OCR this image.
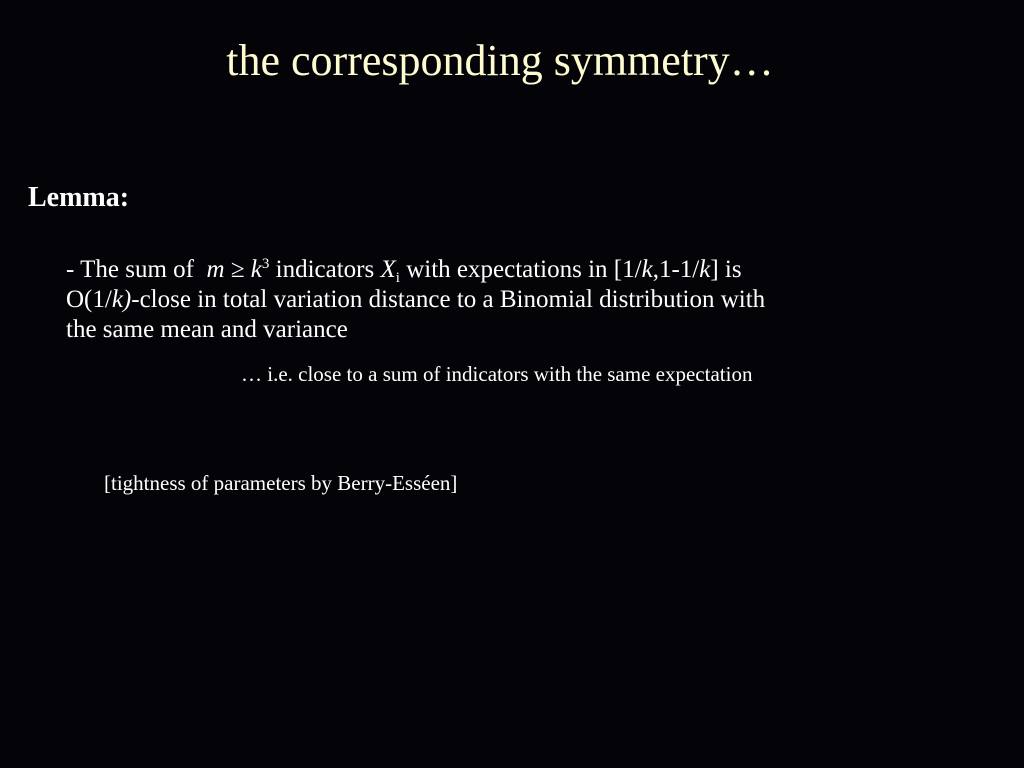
the corresponding symmetry…
Lemma:
- The sum of  $m \ge k^3$ indicators $X_i$ with expectations in [1/k,1-1/k] is
O(1/k)-close in total variation distance to a Binomial distribution with
the same mean and variance
… i.e. close to a sum of indicators with the same expectation
[tightness of parameters by Berry-Esséen]
